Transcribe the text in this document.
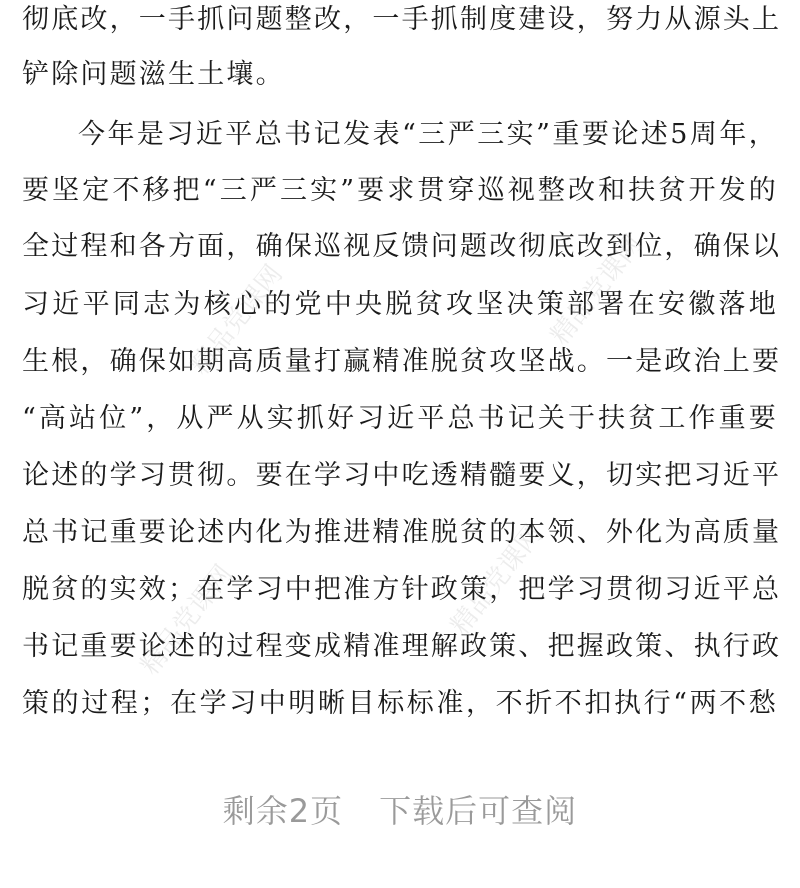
彻底改，一手抓问题整改，一手抓制度建设，努力从源头上
铲除问题滋生土壤。
今年是习近平总书记发表“三严三实”重要论述5周年，
要坚定不移把“三严三实”要求贯穿巡视整改和扶贫开发的
全过程和各方面，确保巡视反馈问题改彻底改到位，确保以
习近平同志为核心的党中央脱贫攻坚决策部署在安徽落地
生根，确保如期高质量打赢精准脱贫攻坚战。一是政治上要
“高站位”，从严从实抓好习近平总书记关于扶贫工作重要
论述的学习贯彻。要在学习中吃透精髓要义，切实把习近平
总书记重要论述内化为推进精准脱贫的本领、外化为高质量
脱贫的实效；在学习中把准方针政策，把学习贯彻习近平总
书记重要论述的过程变成精准理解政策、把握政策、执行政
策的过程；在学习中明晰目标标准，不折不扣执行“两不愁
精品党课网
精品党课网	精品党课网
精品党课网
剩余2页 下载后可查阅
